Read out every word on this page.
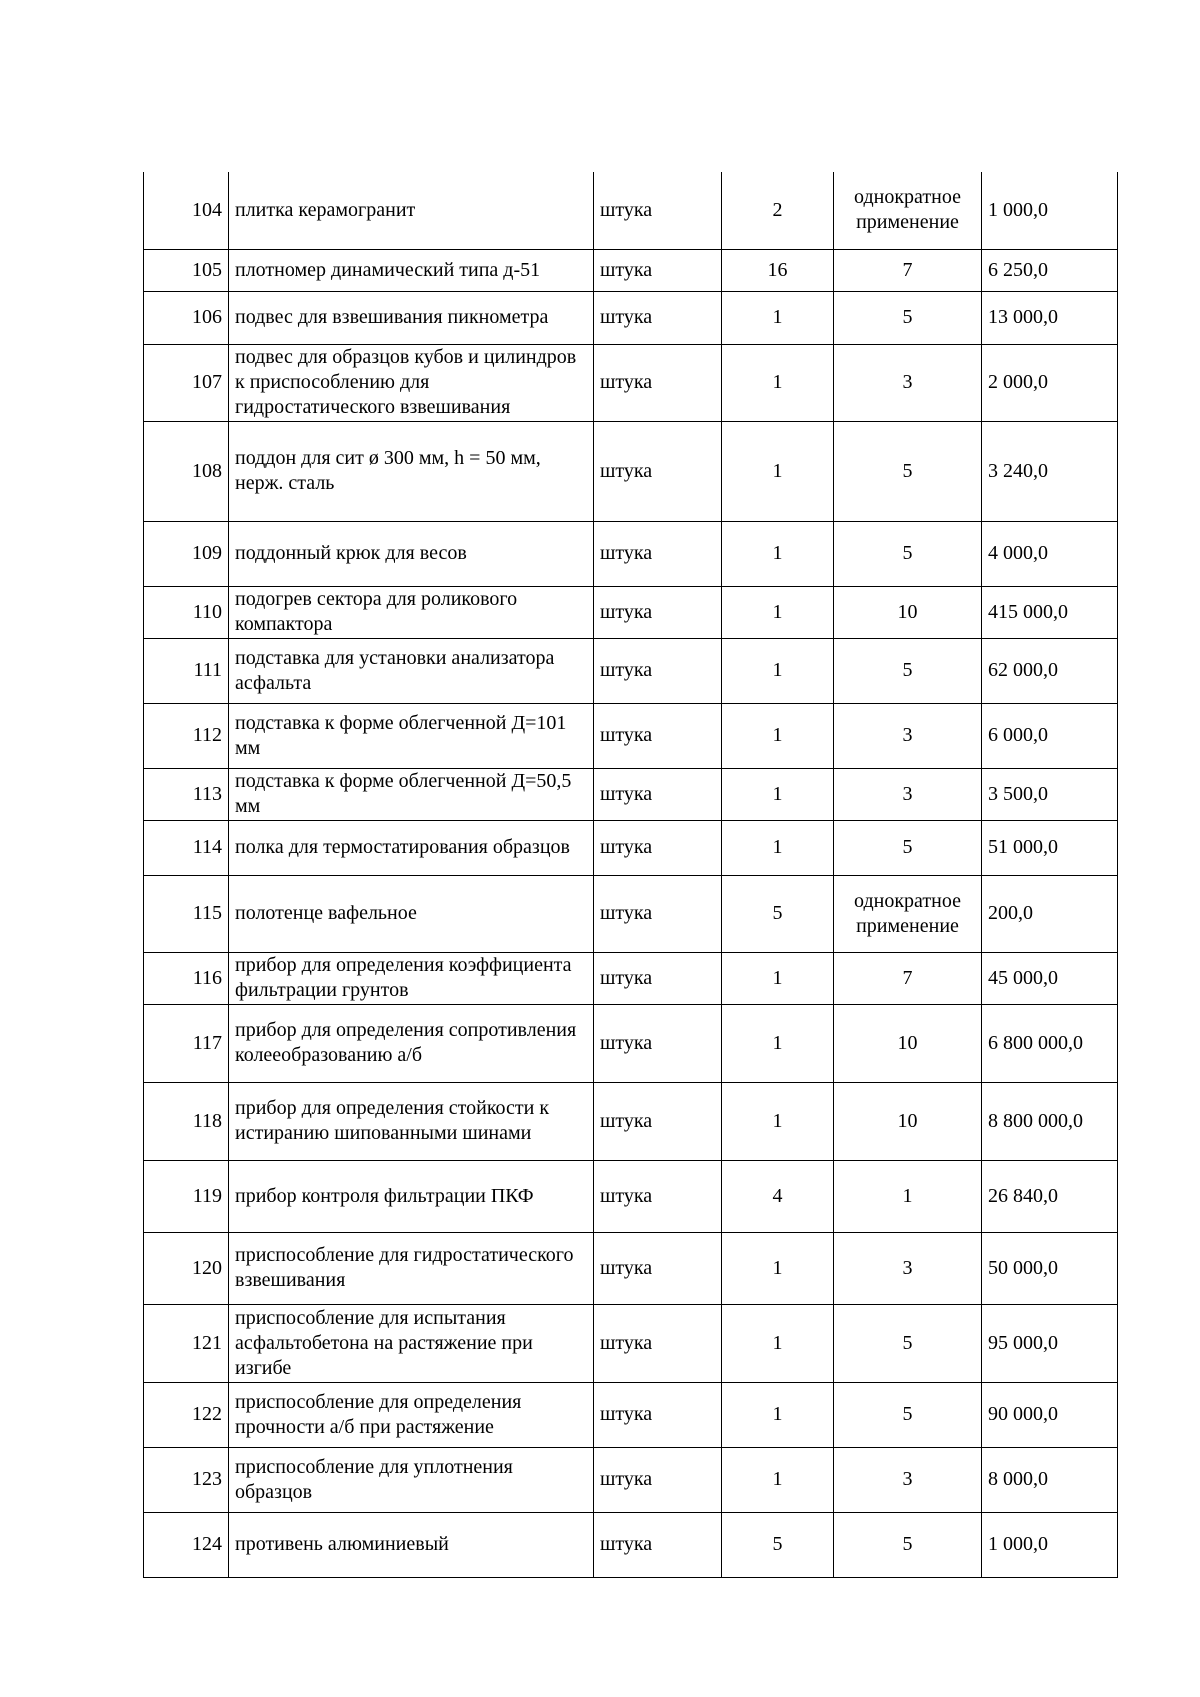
104	плитка керамогранит	штука	2	однократное применение	1 000,0
105	плотномер динамический типа д-51	штука	16	7	6 250,0
106	подвес для взвешивания пикнометра	штука	1	5	13 000,0
107	подвес для образцов кубов и цилиндров к приспособлению для гидростатического взвешивания	штука	1	3	2 000,0
108	поддон для сит ø 300 мм, h = 50 мм, нерж. сталь	штука	1	5	3 240,0
109	поддонный крюк для весов	штука	1	5	4 000,0
110	подогрев сектора для роликового компактора	штука	1	10	415 000,0
111	подставка для установки анализатора асфальта	штука	1	5	62 000,0
112	подставка к форме облегченной Д=101 мм	штука	1	3	6 000,0
113	подставка к форме облегченной Д=50,5 мм	штука	1	3	3 500,0
114	полка для термостатирования образцов	штука	1	5	51 000,0
115	полотенце вафельное	штука	5	однократное применение	200,0
116	прибор для определения коэффициента фильтрации грунтов	штука	1	7	45 000,0
117	прибор для определения сопротивления колееобразованию а/б	штука	1	10	6 800 000,0
118	прибор для определения стойкости к истиранию шипованными шинами	штука	1	10	8 800 000,0
119	прибор контроля фильтрации ПКФ	штука	4	1	26 840,0
120	приспособление для гидростатического взвешивания	штука	1	3	50 000,0
121	приспособление для испытания асфальтобетона на растяжение при изгибе	штука	1	5	95 000,0
122	приспособление для определения прочности а/б при растяжение	штука	1	5	90 000,0
123	приспособление для уплотнения образцов	штука	1	3	8 000,0
124	противень алюминиевый	штука	5	5	1 000,0
